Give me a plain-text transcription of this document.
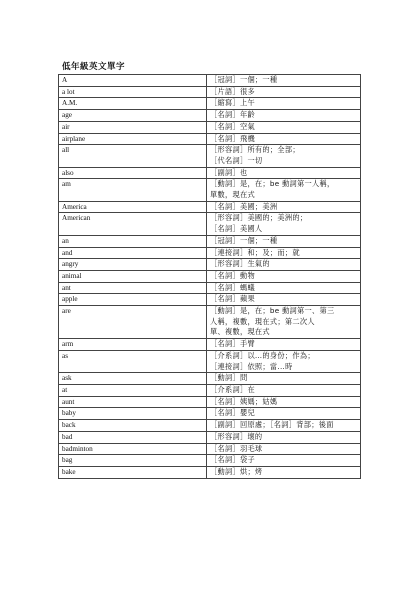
低年級英文單字
A	［冠詞］一個；一種

a lot	［片語］很多

A.M.	［縮寫］上午

age	［名詞］年齡

air	［名詞］空氣

airplane	［名詞］飛機

all	［形容詞］所有的；全部；
［代名詞］一切

also	［副詞］也

am	［動詞］是，在；be 動詞第一人稱，
單數，現在式

America	［名詞］美國；美洲

American	［形容詞］美國的；美洲的；
［名詞］美國人

an	［冠詞］一個；一種

and	［連接詞］和；及；而；就

angry	［形容詞］生氣的

animal	［名詞］動物

ant	［名詞］螞蟻

apple	［名詞］蘋果

are	［動詞］是，在；be 動詞第一、第三
人稱，複數，現在式；第二次人
單、複數，現在式

arm	［名詞］手臂

as	［介系詞］以…的身份；作為；
［連接詞］依照；當...時

ask	［動詞］問

at	［介系詞］在

aunt	［名詞］姨媽；姑媽

baby	［名詞］嬰兒

back	［副詞］回原處；［名詞］背部；後面

bad	［形容詞］壞的

badminton	［名詞］羽毛球

bag	［名詞］袋子

bake	［動詞］烘；烤
